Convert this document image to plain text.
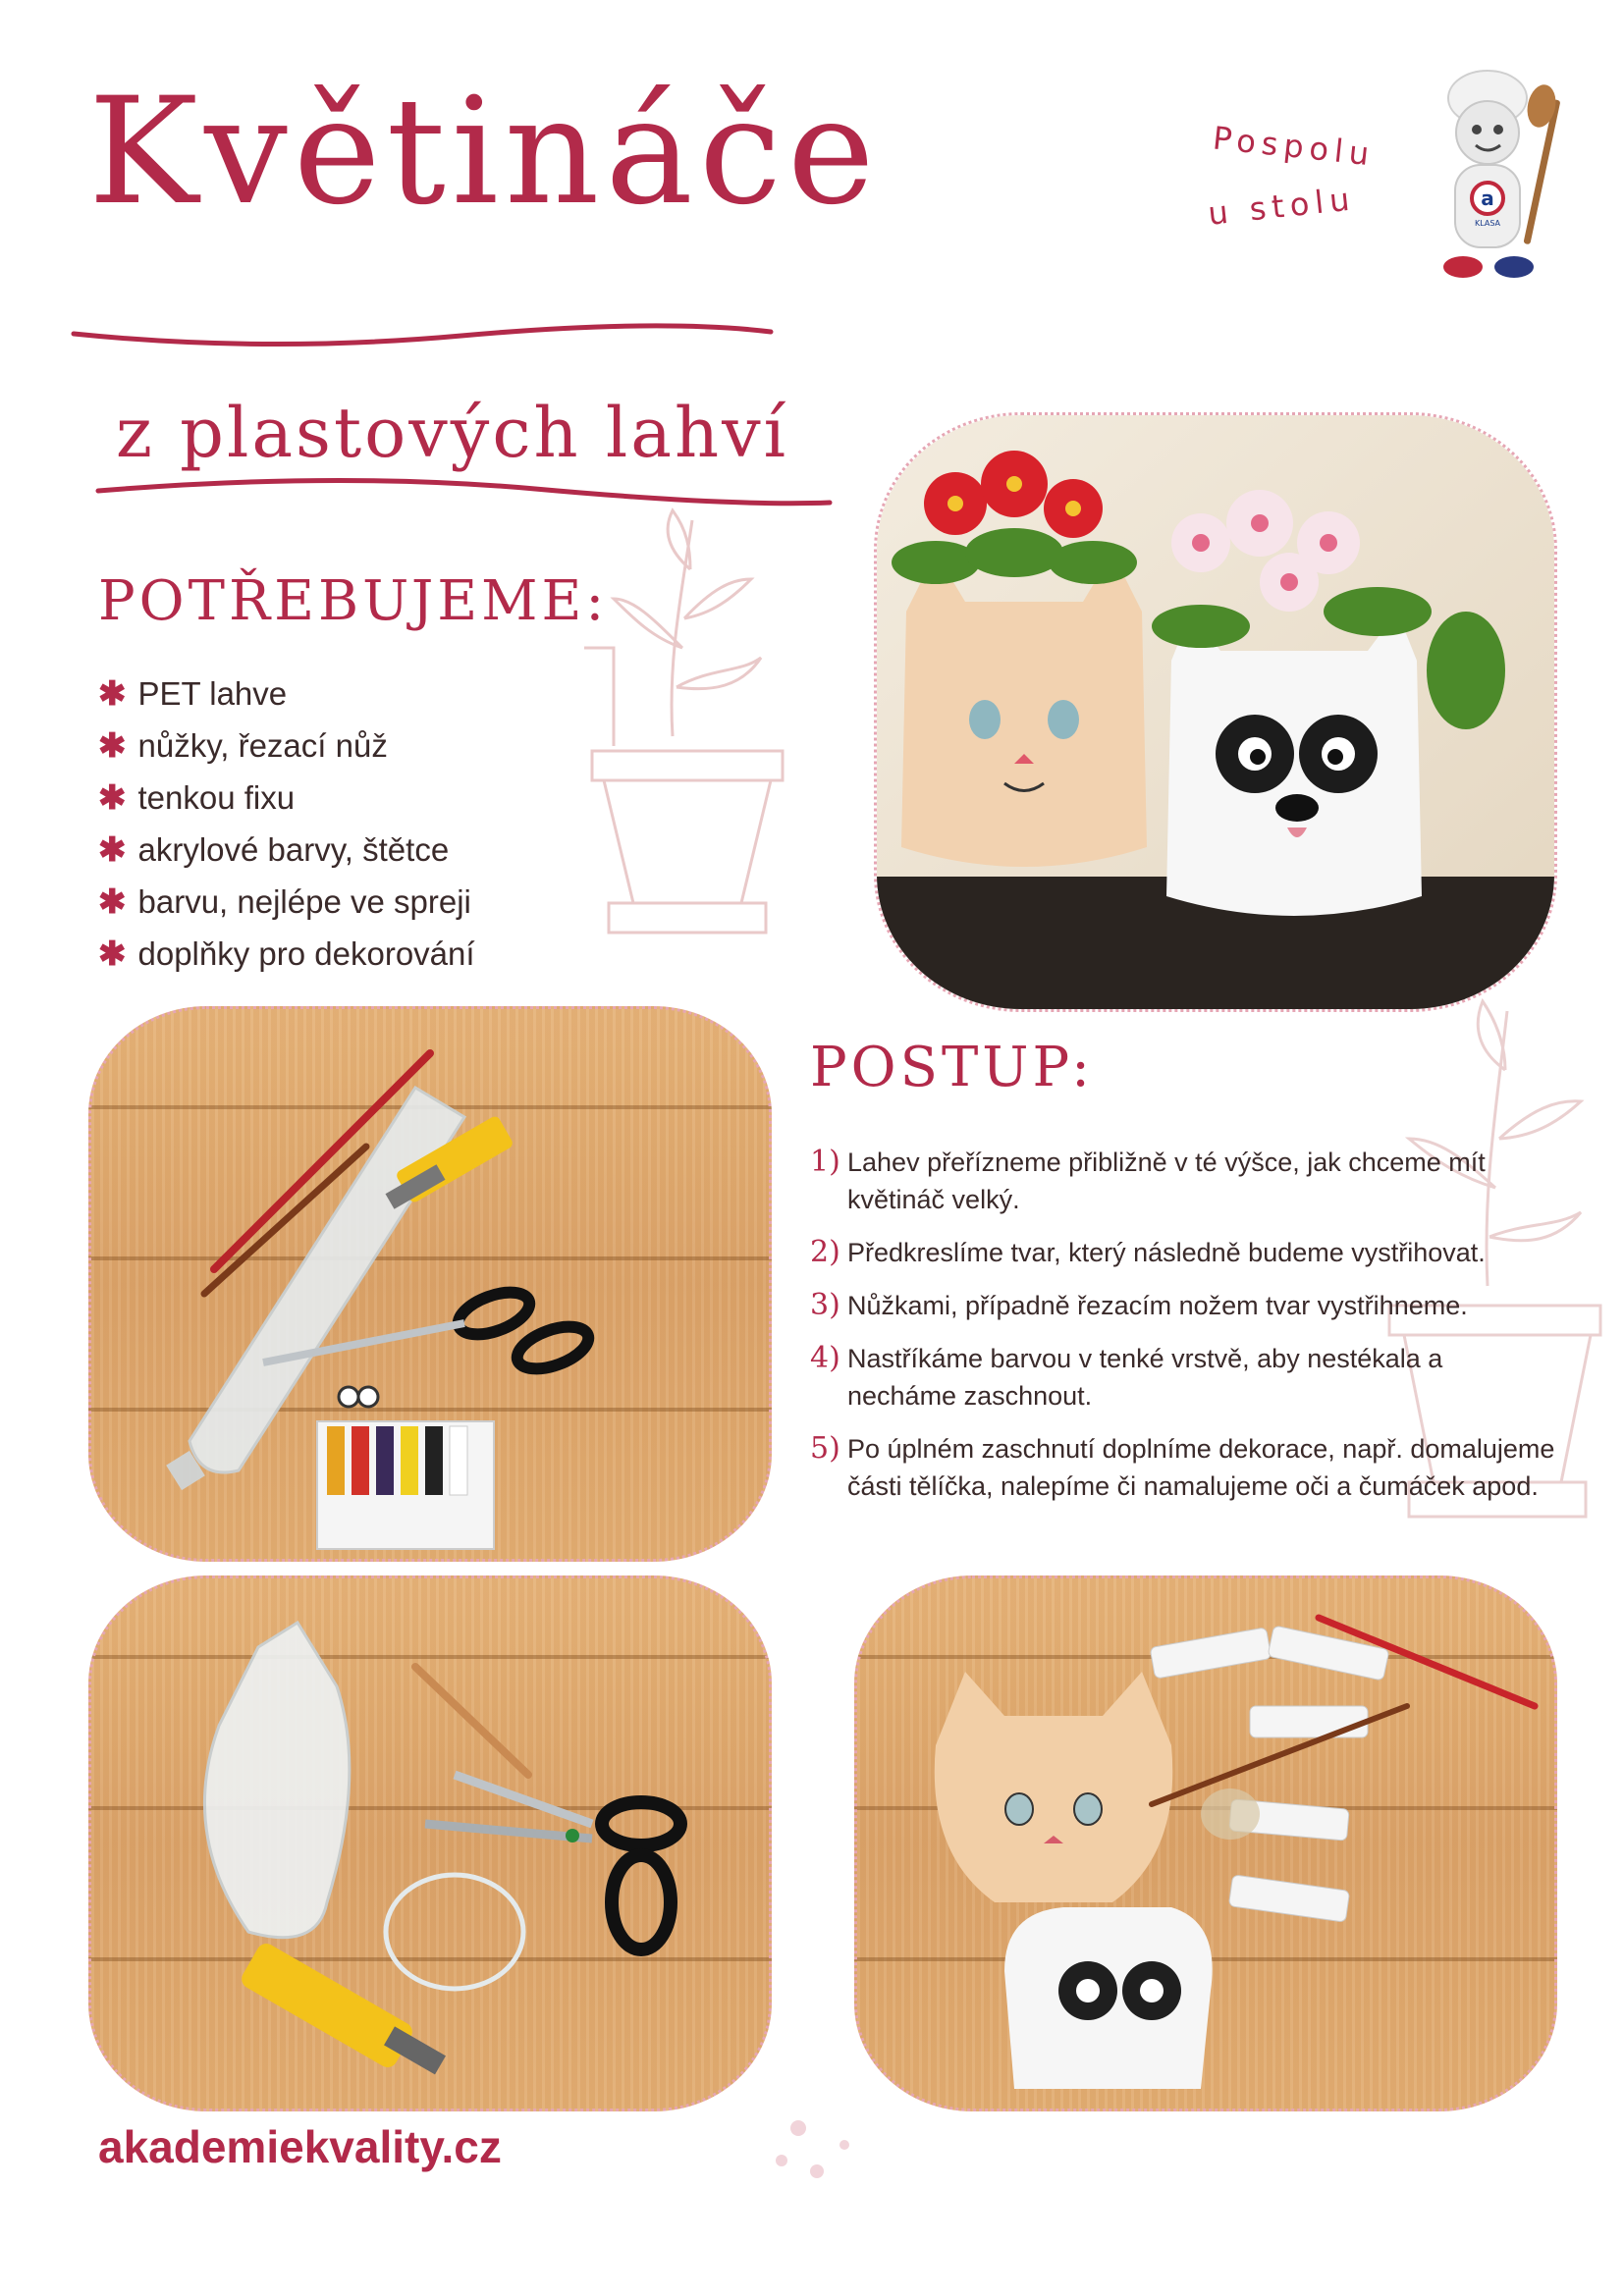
Květináče
z plastových lahví
Pospolu
u stolu	a
KLASA
POTŘEBUJEME:
✱ PET lahve
✱ nůžky, řezací nůž
✱ tenkou fixu
✱ akrylové barvy, štětce
✱ barvu, nejlépe ve spreji
✱ doplňky pro dekorování
POSTUP:
1) Lahev přeřízneme přibližně v té výšce, jak chceme mít květináč velký.
2) Předkreslíme tvar, který následně budeme vystřihovat.
3) Nůžkami, případně řezacím nožem tvar vystřihneme.
4) Nastříkáme barvou v tenké vrstvě, aby nestékala a necháme zaschnout.
5) Po úplném zaschnutí doplníme dekorace, např. domalujeme části tělíčka, nalepíme či namalujeme oči a čumáček apod.
akademiekvality.cz
